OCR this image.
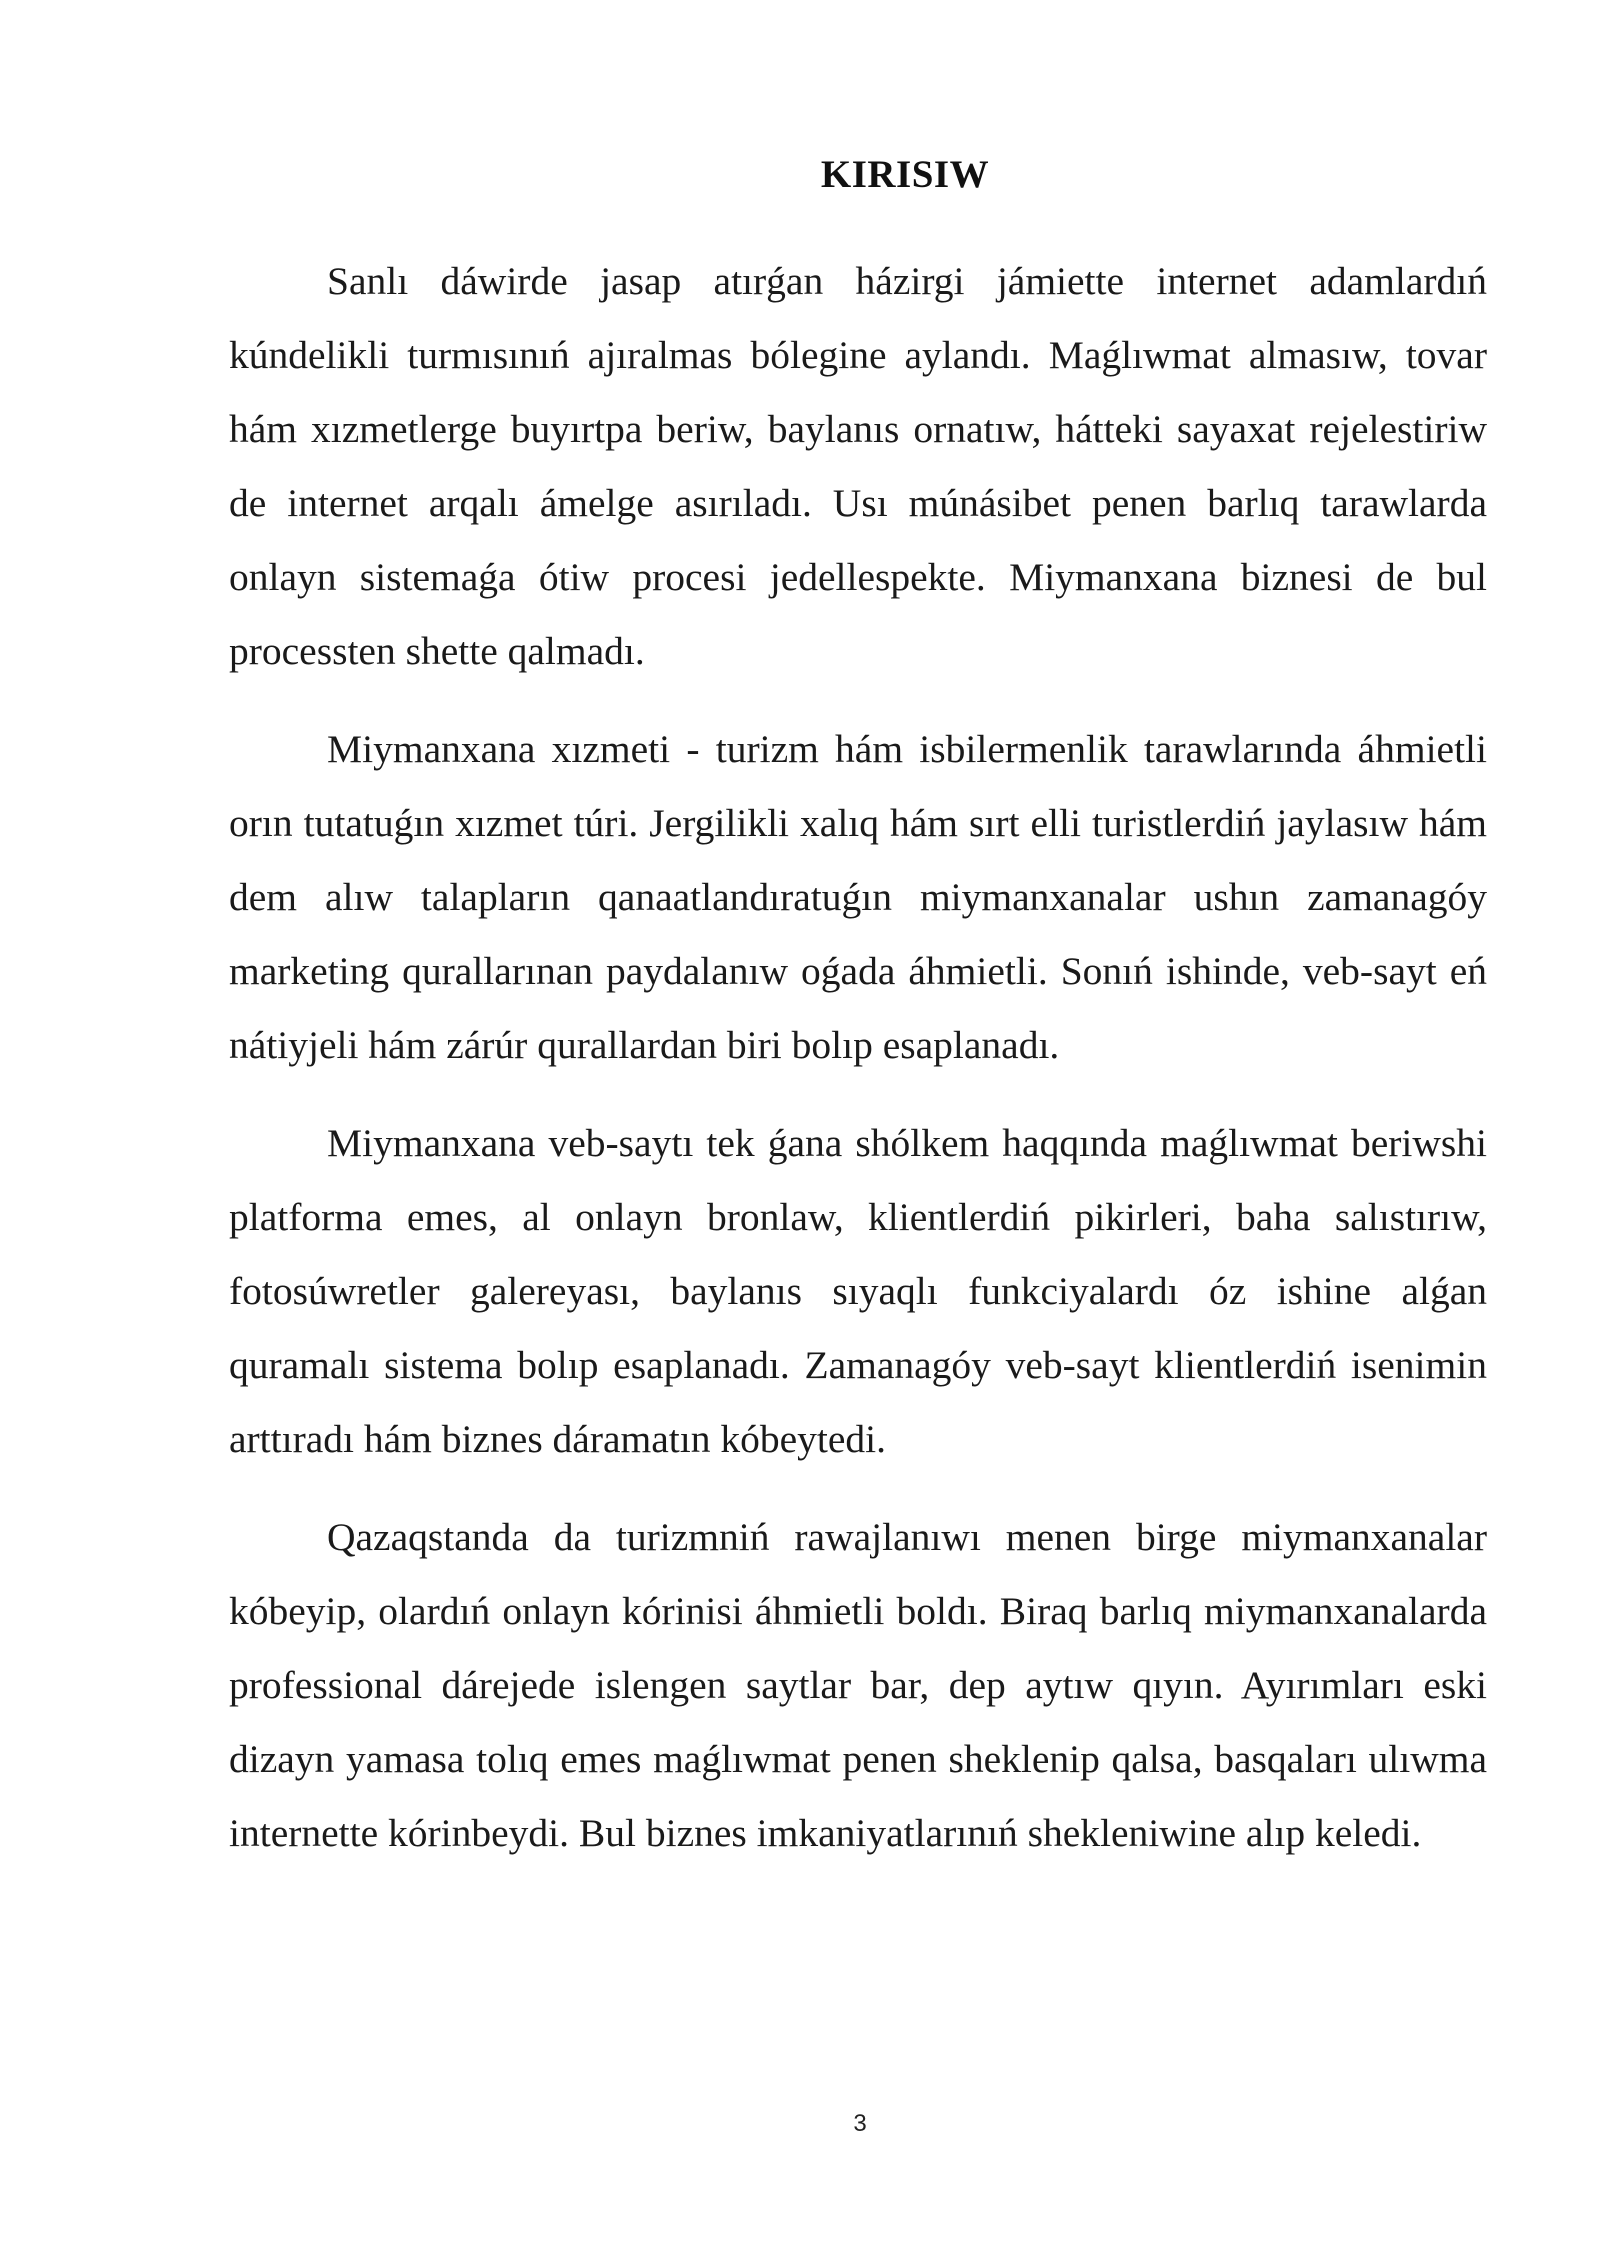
KIRISIW

Sanlı dáwirde jasap atırǵan házirgi jámiette internet adamlardıń kúndelikli turmısınıń ajıralmas bólegine aylandı. Maǵlıwmat almasıw, tovar hám xızmetlerge buyırtpa beriw, baylanıs ornatıw, hátteki sayaxat rejelestiriw de internet arqalı ámelge asırıladı. Usı múnásibet penen barlıq tarawlarda onlayn sistemaǵa ótiw procesi jedellespekte. Miymanxana biznesi de bul processten shette qalmadı.

Miymanxana xızmeti - turizm hám isbilermenlik tarawlarında áhmietli orın tutatuǵın xızmet túri. Jergilikli xalıq hám sırt elli turistlerdiń jaylasıw hám dem alıw talapların qanaatlandıratuǵın miymanxanalar ushın zamanagóy marketing qurallarınan paydalanıw oǵada áhmietli. Sonıń ishinde, veb-sayt eń nátiyjeli hám zárúr qurallardan biri bolıp esaplanadı.

Miymanxana veb-saytı tek ǵana shólkem haqqında maǵlıwmat beriwshi platforma emes, al onlayn bronlaw, klientlerdiń pikirleri, baha salıstırıw, fotosúwretler galereyası, baylanıs sıyaqlı funkciyalardı óz ishine alǵan quramalı sistema bolıp esaplanadı. Zamanagóy veb-sayt klientlerdiń isenimin arttıradı hám biznes dáramatın kóbeytedi.

Qazaqstanda da turizmniń rawajlanıwı menen birge miymanxanalar kóbeyip, olardıń onlayn kórinisi áhmietli boldı. Biraq barlıq miymanxanalarda professional dárejede islengen saytlar bar, dep aytıw qıyın. Ayırımları eski dizayn yamasa tolıq emes maǵlıwmat penen sheklenip qalsa, basqaları ulıwma internette kórinbeydi. Bul biznes imkaniyatlarınıń shekleniwine alıp keledi.

3
